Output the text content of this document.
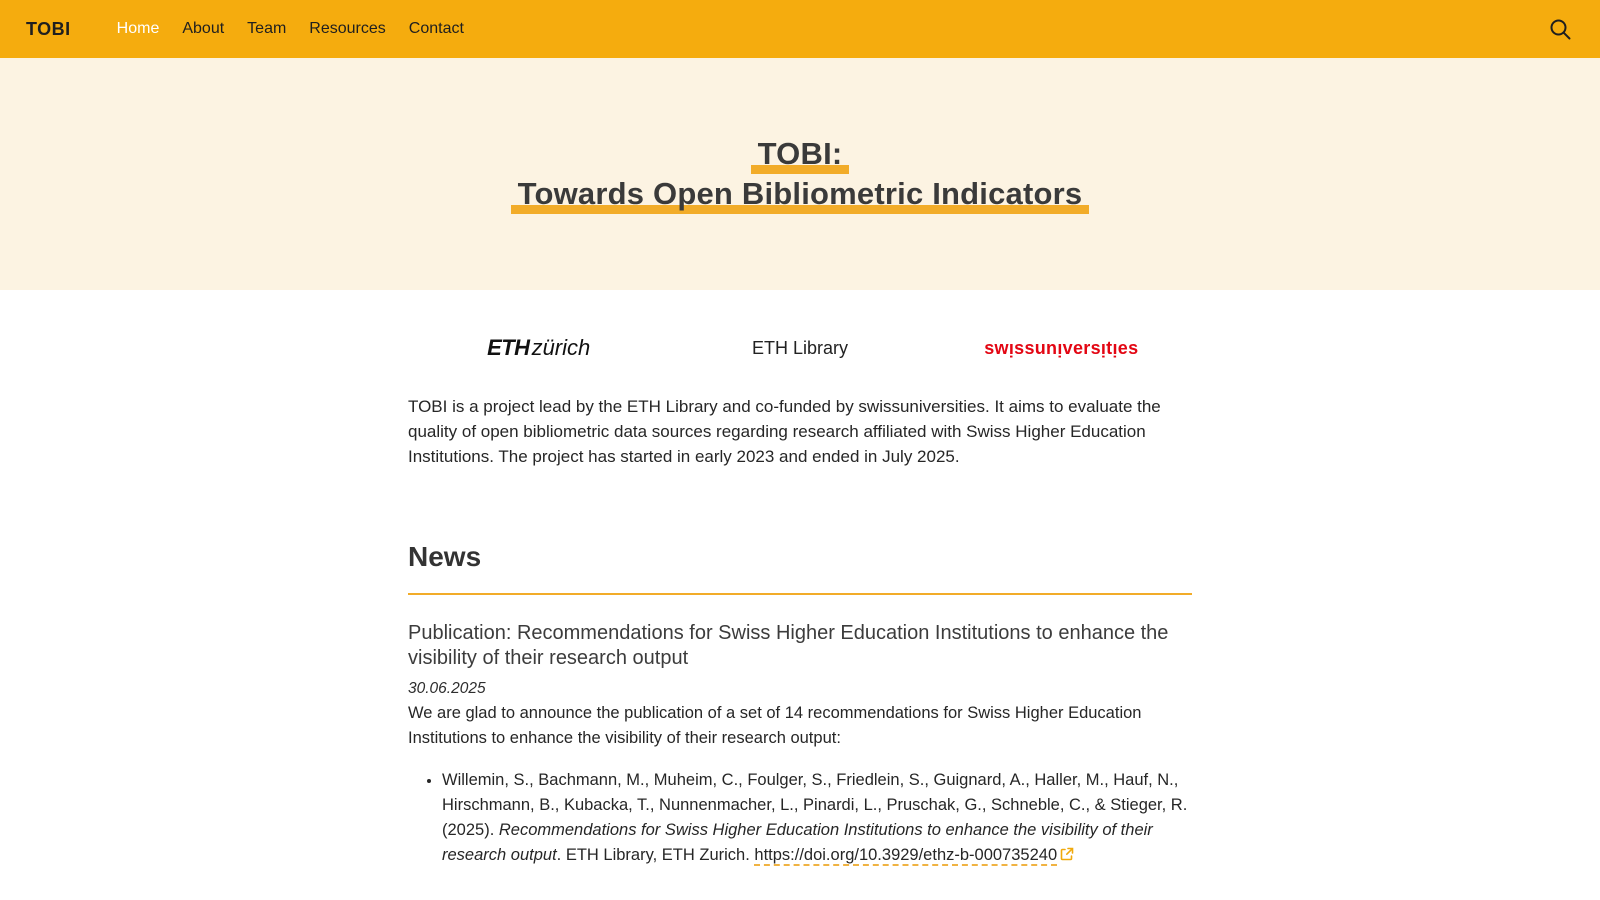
TOBI	Home About Team Resources Contact
TOBI:
Towards Open Bibliometric Indicators
ETHzürich	ETH Library	swı̣ssunı̣versı̣tı̣es

TOBI is a project lead by the ETH Library and co-funded by swissuniversities. It aims to evaluate the quality of open bibliometric data sources regarding research affiliated with Swiss Higher Education Institutions. The project has started in early 2023 and ended in July 2025.

News
Publication: Recommendations for Swiss Higher Education Institutions to enhance the visibility of their research output

30.06.2025

We are glad to announce the publication of a set of 14 recommendations for Swiss Higher Education Institutions to enhance the visibility of their research output:

• Willemin, S., Bachmann, M., Muheim, C., Foulger, S., Friedlein, S., Guignard, A., Haller, M., Hauf, N., Hirschmann, B., Kubacka, T., Nunnenmacher, L., Pinardi, L., Pruschak, G., Schneble, C., & Stieger, R. (2025). Recommendations for Swiss Higher Education Institutions to enhance the visibility of their research output. ETH Library, ETH Zurich. https://doi.org/10.3929/ethz-b-000735240
